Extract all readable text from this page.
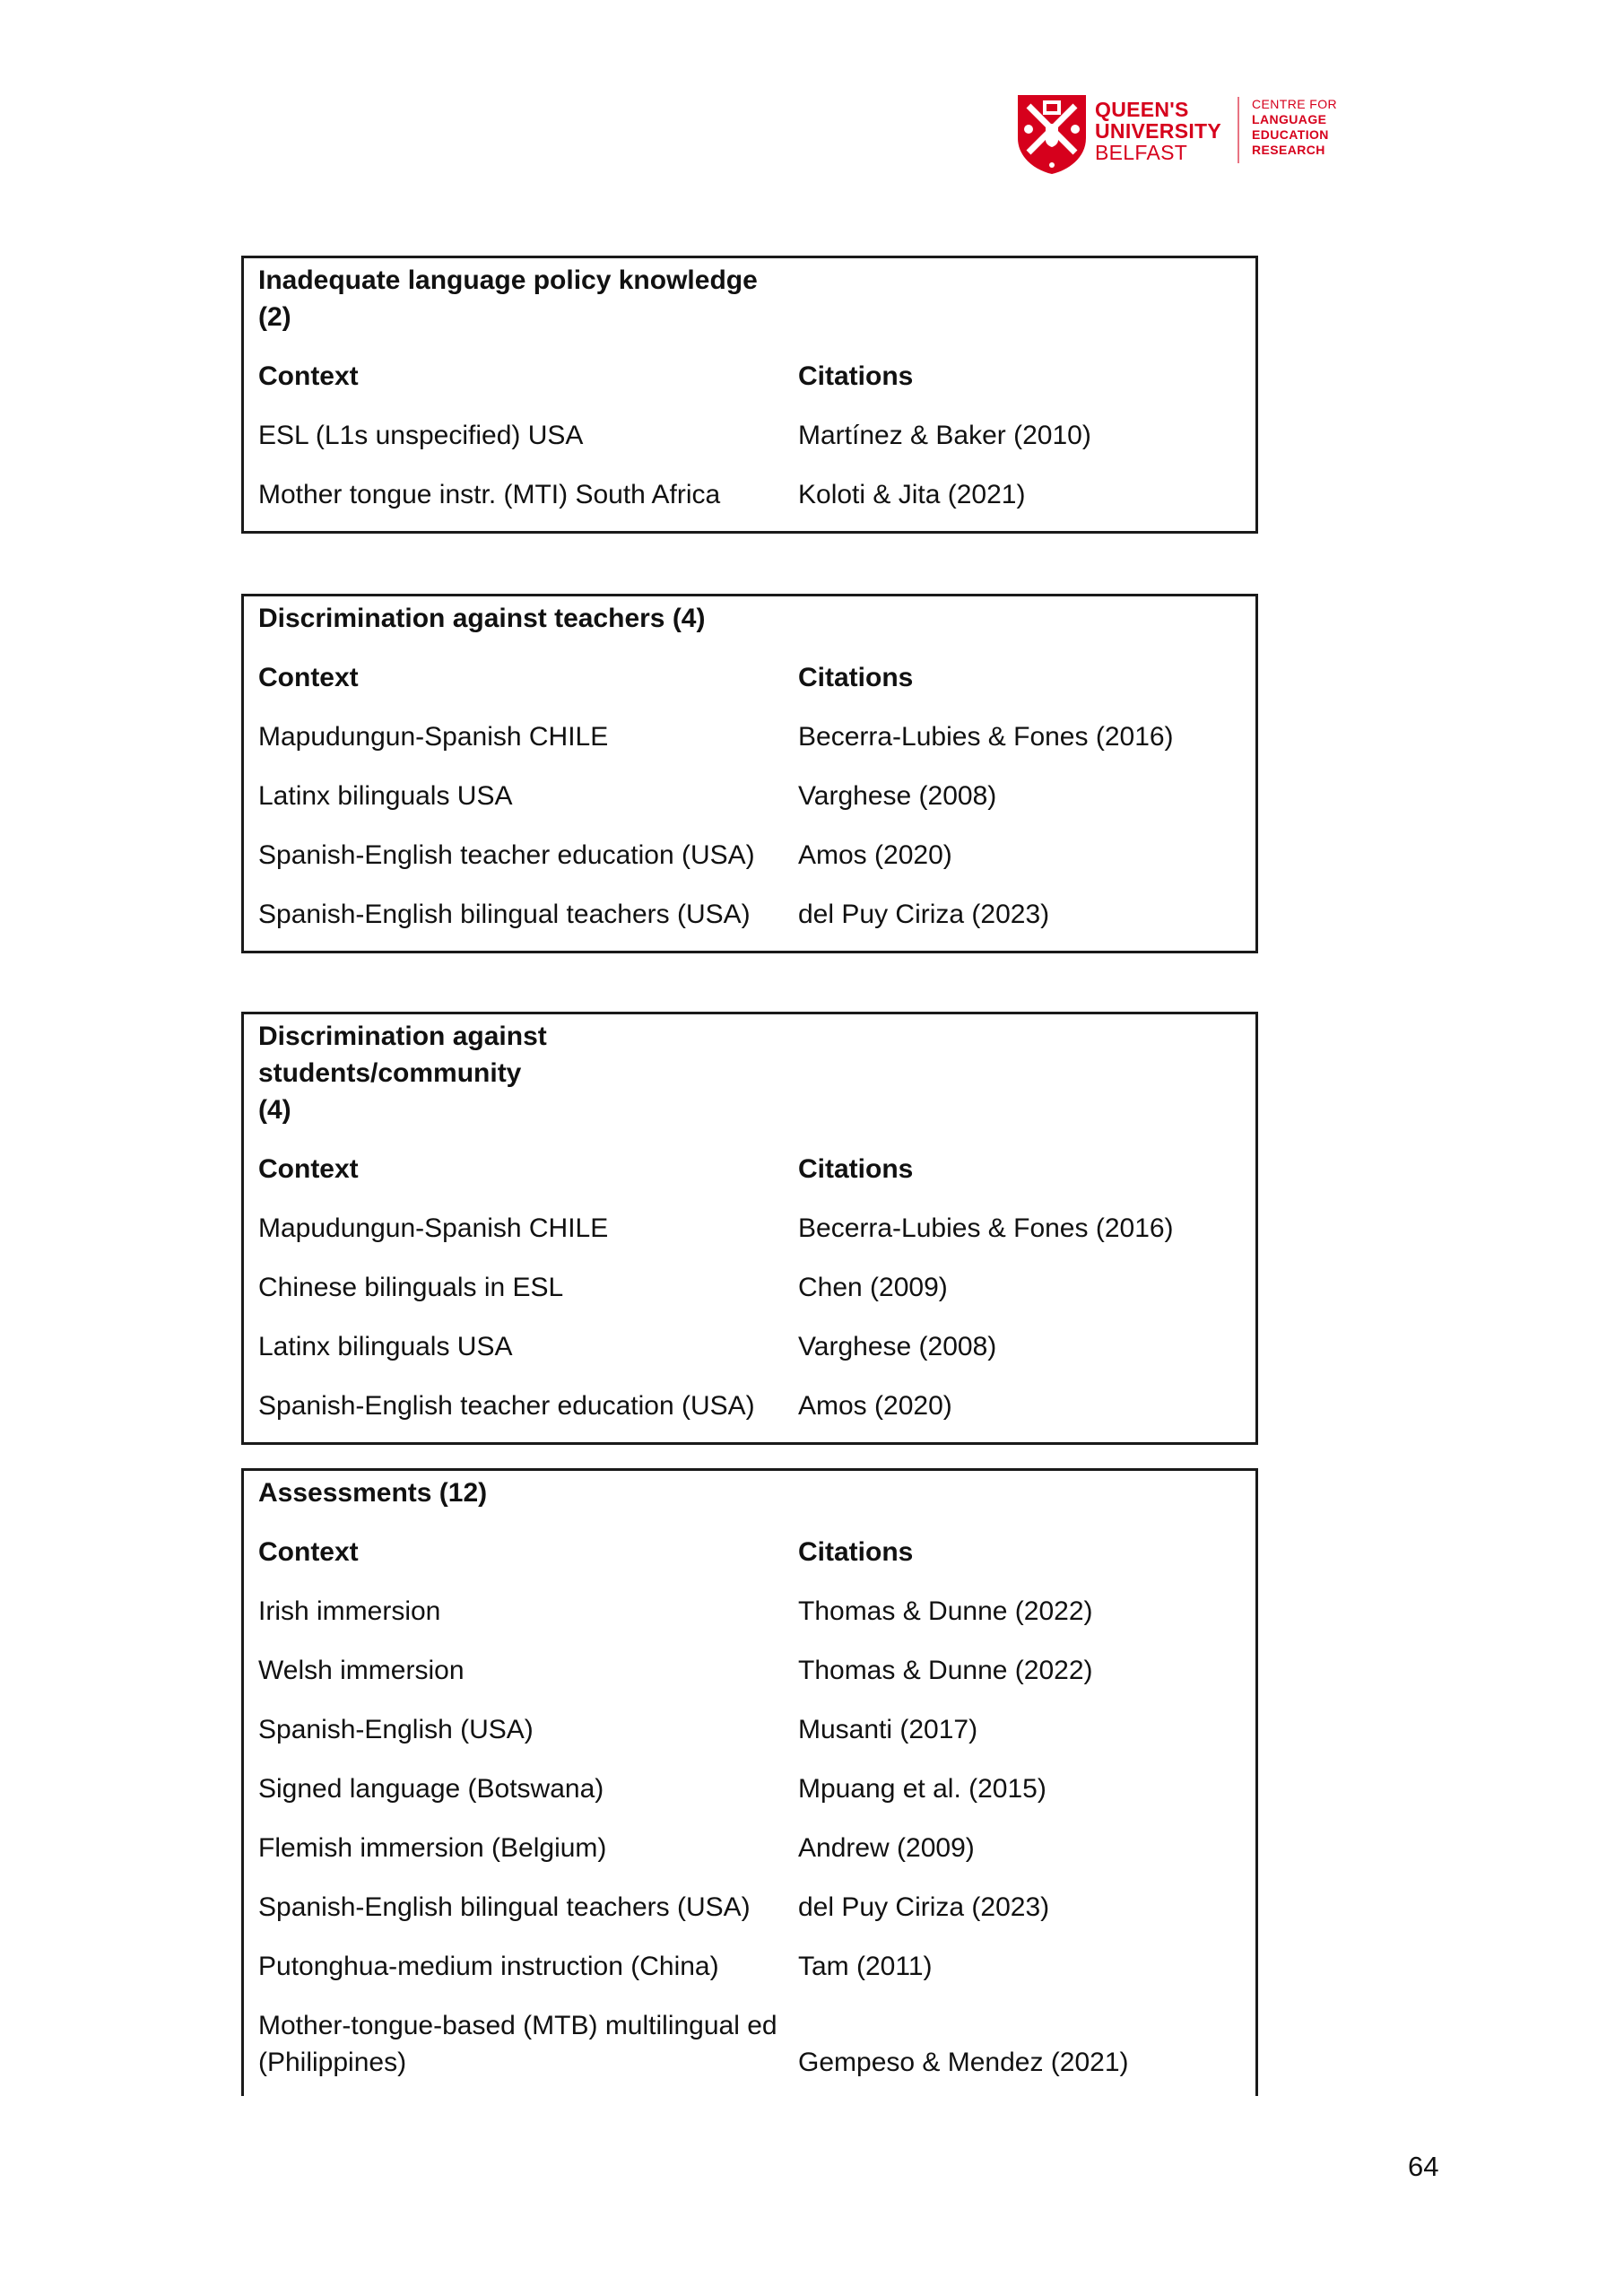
QUEEN'S
UNIVERSITY
BELFAST
CENTRE FOR
LANGUAGE
EDUCATION
RESEARCH
Inadequate language policy knowledge (2)
Context	Citations
ESL (L1s unspecified) USA	Martínez & Baker (2010)
Mother tongue instr. (MTI) South Africa	Koloti & Jita (2021)
Discrimination against teachers (4)
Context	Citations
Mapudungun-Spanish CHILE	Becerra-Lubies & Fones (2016)
Latinx bilinguals USA	Varghese (2008)
Spanish-English teacher education (USA)	Amos (2020)
Spanish-English bilingual teachers (USA)	del Puy Ciriza (2023)
Discrimination against students/community (4)
Context	Citations
Mapudungun-Spanish CHILE	Becerra-Lubies & Fones (2016)
Chinese bilinguals in ESL	Chen (2009)
Latinx bilinguals USA	Varghese (2008)
Spanish-English teacher education (USA)	Amos (2020)
Assessments (12)
Context	Citations
Irish immersion	Thomas & Dunne (2022)
Welsh immersion	Thomas & Dunne (2022)
Spanish-English (USA)	Musanti (2017)
Signed language (Botswana)	Mpuang et al. (2015)
Flemish immersion (Belgium)	Andrew (2009)
Spanish-English bilingual teachers (USA)	del Puy Ciriza (2023)
Putonghua-medium instruction (China)	Tam (2011)
Mother-tongue-based (MTB) multilingual ed (Philippines)	Gempeso & Mendez (2021)
64
